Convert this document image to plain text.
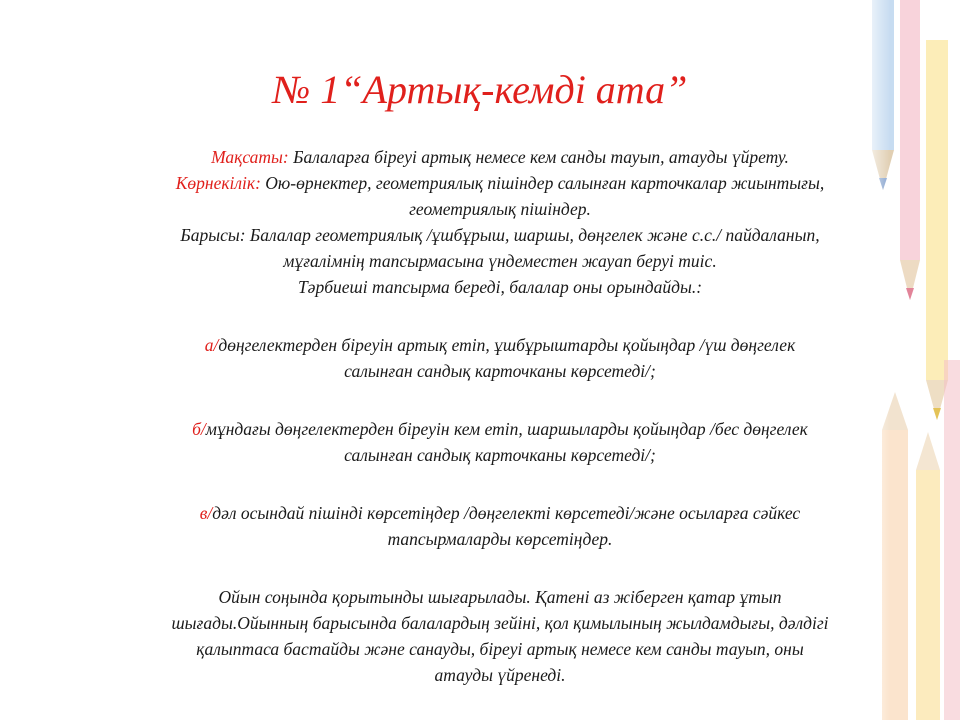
№ 1“Артық-кемді ата”
Мақсаты: Балаларға біреуі артық немесе кем санды тауып, атауды үйрету.
Көрнекілік: Ою-өрнектер, геометриялық пішіндер салынған карточкалар жиынтығы,
геометриялық пішіндер.
Барысы: Балалар геометриялық /ұшбұрыш, шаршы, дөңгелек және с.с./ пайдаланып,
мұғалімнің тапсырмасына үндеместен жауап беруі тиіс.
Тәрбиеші тапсырма береді, балалар оны орындайды.:
а/дөңгелектерден біреуін артық етіп, ұшбұрыштарды қойыңдар /үш дөңгелек
салынған сандық карточканы көрсетеді/;
б/мұндағы дөңгелектерден біреуін кем етіп, шаршыларды қойыңдар /бес дөңгелек
салынған сандық карточканы көрсетеді/;
в/дәл осындай пішінді көрсетіңдер /дөңгелекті көрсетеді/және осыларға сәйкес
тапсырмаларды көрсетіңдер.
Ойын соңында қорытынды шығарылады. Қатені аз жіберген қатар ұтып
шығады.Ойынның барысында балалардың зейіні, қол қимылының жылдамдығы, дәлдігі
қалыптаса бастайды және санауды, біреуі артық немесе кем санды тауып, оны
атауды үйренеді.
